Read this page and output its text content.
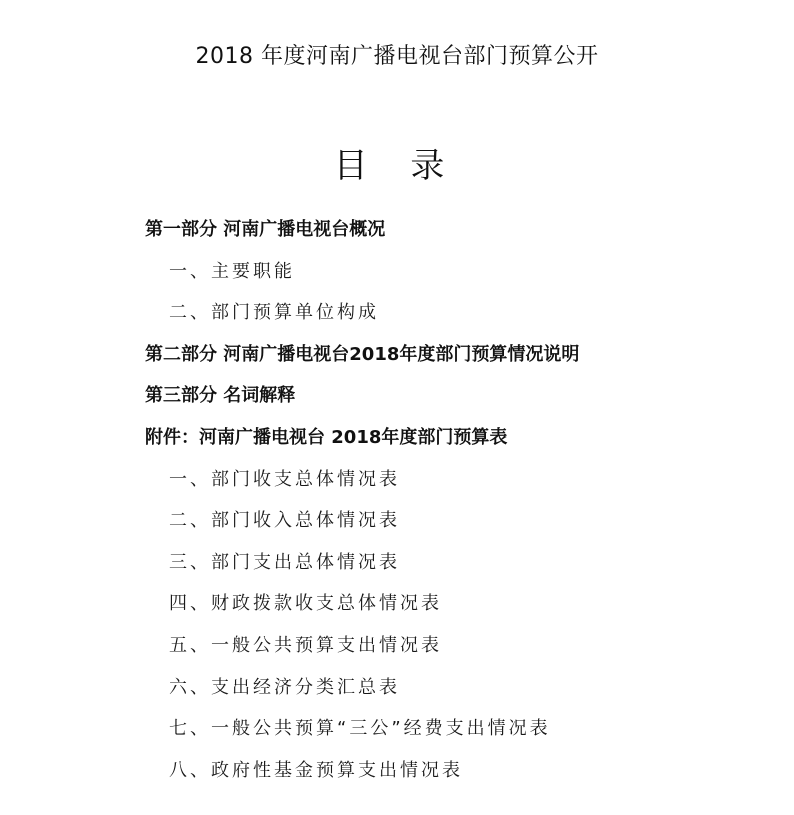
2018 年度河南广播电视台部门预算公开
目 录
第一部分 河南广播电视台概况
一、主要职能
二、部门预算单位构成
第二部分 河南广播电视台2018年度部门预算情况说明
第三部分 名词解释
附件：河南广播电视台 2018年度部门预算表
一、部门收支总体情况表
二、部门收入总体情况表
三、部门支出总体情况表
四、财政拨款收支总体情况表
五、一般公共预算支出情况表
六、支出经济分类汇总表
七、一般公共预算“三公”经费支出情况表
八、政府性基金预算支出情况表
